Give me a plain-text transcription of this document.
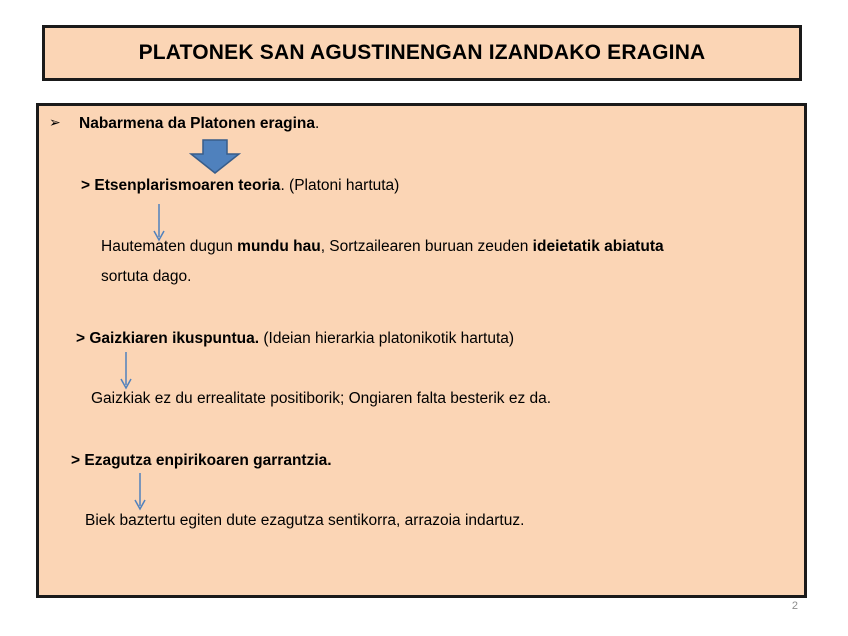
PLATONEK SAN AGUSTINENGAN IZANDAKO ERAGINA
➢ Nabarmena da Platonen eragina.
> Etsenplarismoaren teoria. (Platoni hartuta)
Hautematen dugun mundu hau, Sortzailearen buruan zeuden ideietatik abiatuta
sortuta dago.
> Gaizkiaren ikuspuntua. (Ideian hierarkia platonikotik hartuta)
Gaizkiak ez du errealitate positiborik; Ongiaren falta besterik ez da.
> Ezagutza enpirikoaren garrantzia.
Biek baztertu egiten dute ezagutza sentikorra, arrazoia indartuz.
2
